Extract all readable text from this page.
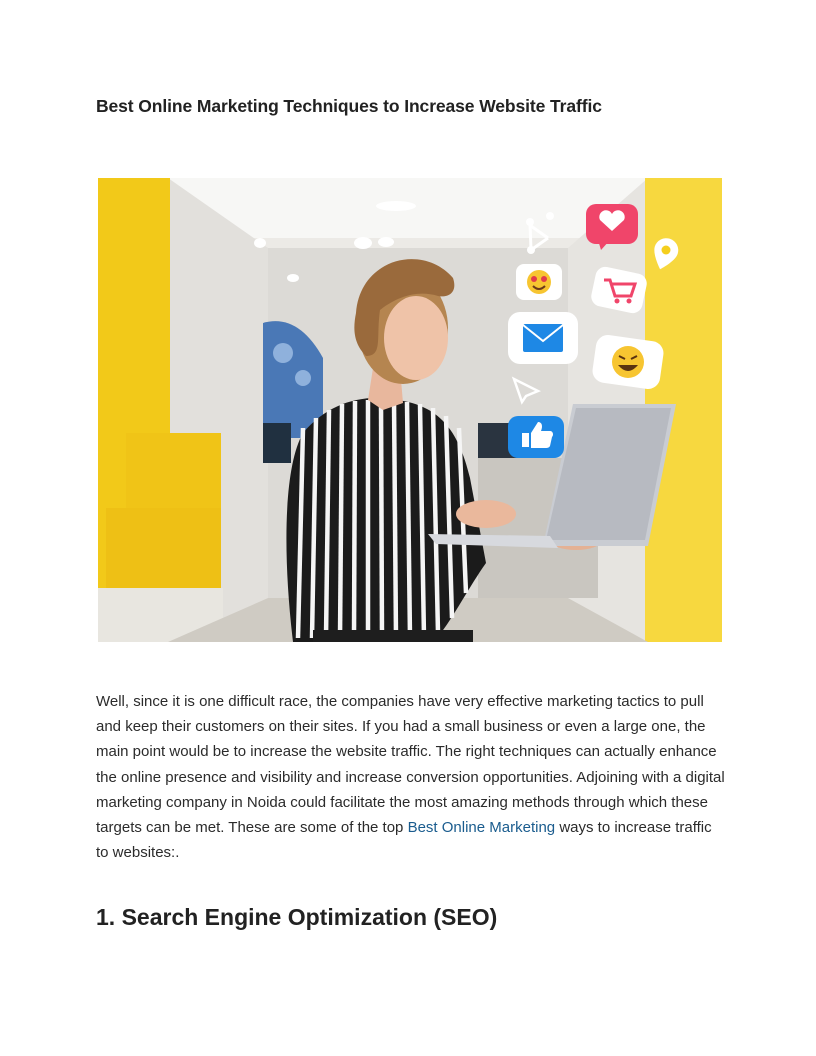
Best Online Marketing Techniques to Increase Website Traffic

Well, since it is one difficult race, the companies have very effective marketing tactics to pull and keep their customers on their sites. If you had a small business or even a large one, the main point would be to increase the website traffic. The right techniques can actually enhance the online presence and visibility and increase conversion opportunities. Adjoining with a digital marketing company in Noida could facilitate the most amazing methods through which these targets can be met. These are some of the top Best Online Marketing ways to increase traffic to websites:.

1. Search Engine Optimization (SEO)
